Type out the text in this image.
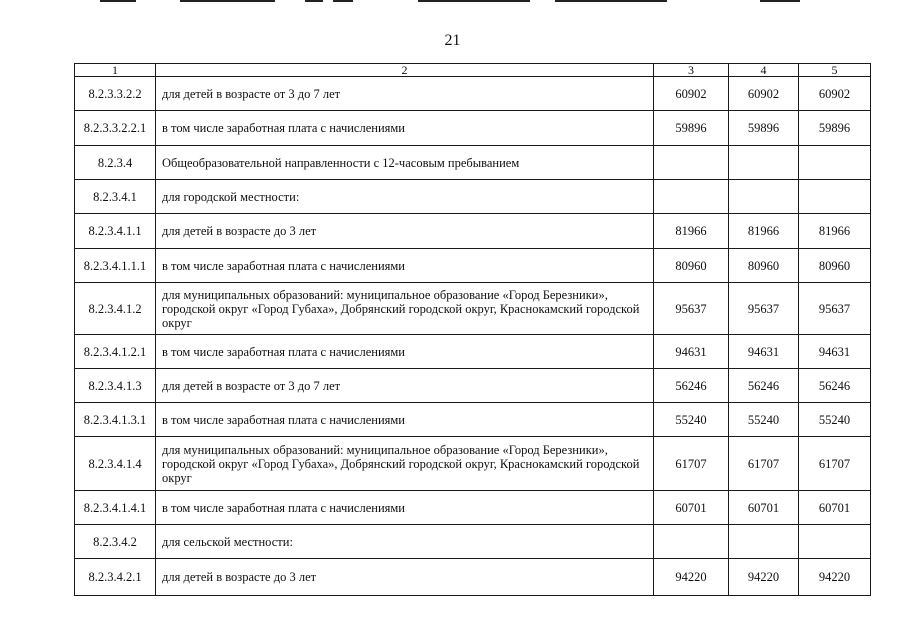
21
1	2	3	4	5
8.2.3.3.2.2	для детей в возрасте от 3 до 7 лет	60902	60902	60902
8.2.3.3.2.2.1	в том числе заработная плата с начислениями	59896	59896	59896
8.2.3.4	Общеобразовательной направленности с 12-часовым пребыванием			
8.2.3.4.1	для городской местности:			
8.2.3.4.1.1	для детей в возрасте до 3 лет	81966	81966	81966
8.2.3.4.1.1.1	в том числе заработная плата с начислениями	80960	80960	80960
8.2.3.4.1.2	для муниципальных образований: муниципальное образование «Город Березники», городской округ «Город Губаха», Добрянский городской округ, Краснокамский городской округ	95637	95637	95637
8.2.3.4.1.2.1	в том числе заработная плата с начислениями	94631	94631	94631
8.2.3.4.1.3	для детей в возрасте от 3 до 7 лет	56246	56246	56246
8.2.3.4.1.3.1	в том числе заработная плата с начислениями	55240	55240	55240
8.2.3.4.1.4	для муниципальных образований: муниципальное образование «Город Березники», городской округ «Город Губаха», Добрянский городской округ, Краснокамский городской округ	61707	61707	61707
8.2.3.4.1.4.1	в том числе заработная плата с начислениями	60701	60701	60701
8.2.3.4.2	для сельской местности:			
8.2.3.4.2.1	для детей в возрасте до 3 лет	94220	94220	94220
